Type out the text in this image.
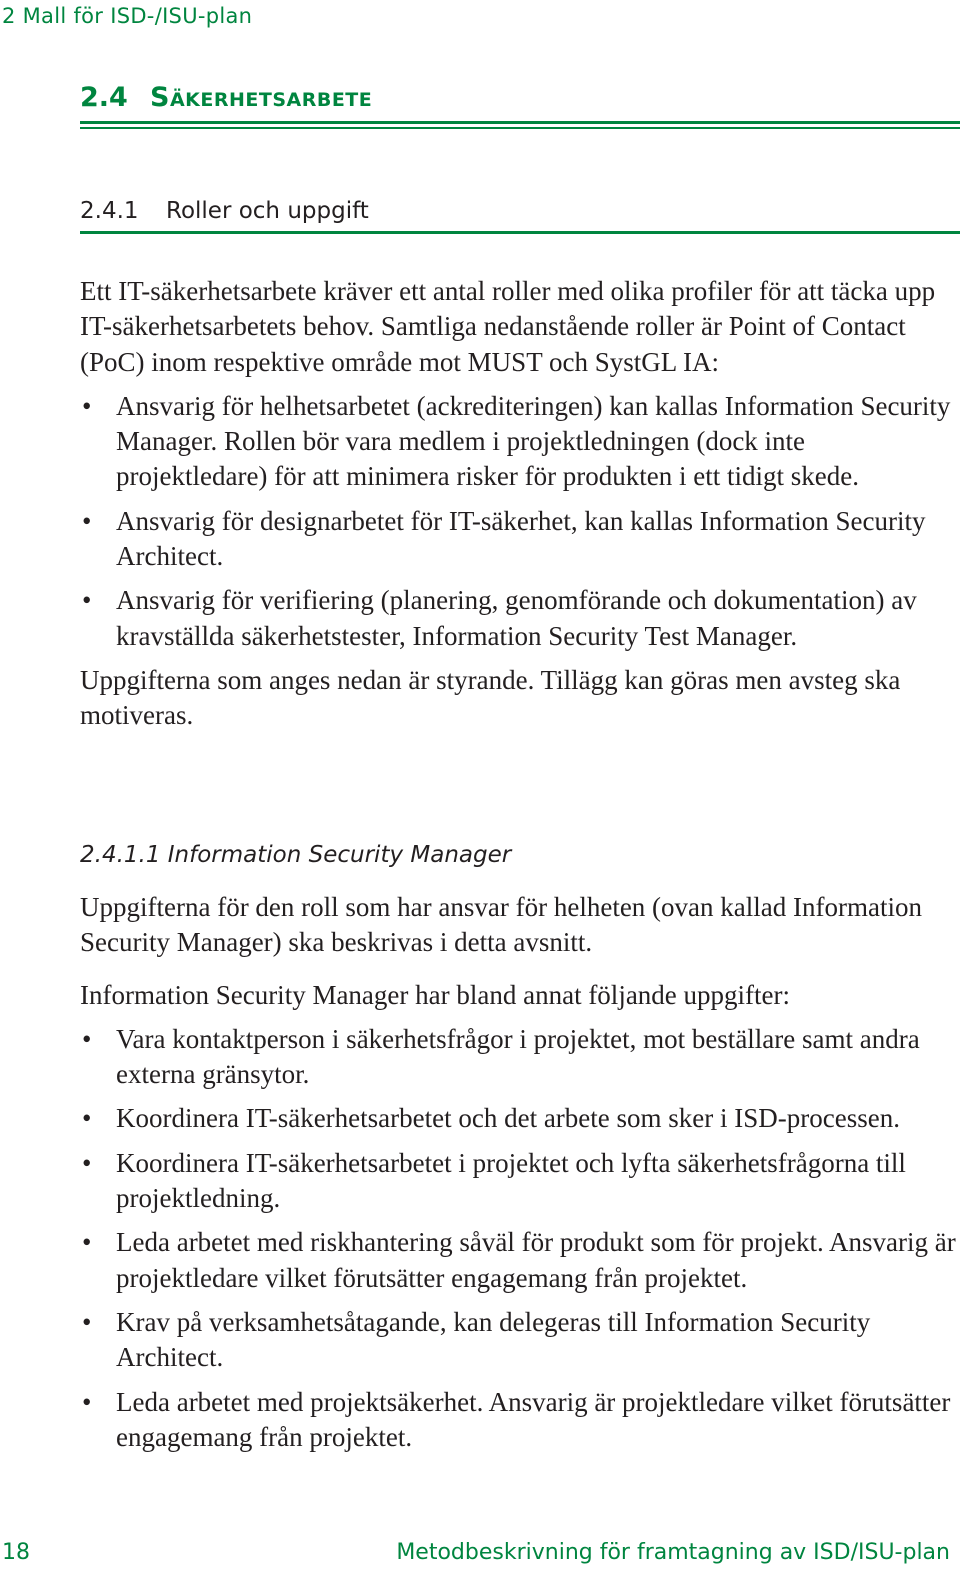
2 Mall för ISD-/ISU-plan
2.4 Säkerhetsarbete
2.4.1 Roller och uppgift

Ett IT-säkerhetsarbete kräver ett antal roller med olika profiler för att täcka upp IT-säkerhetsarbetets behov. Samtliga nedanstående roller är Point of Contact (PoC) inom respektive område mot MUST och SystGL IA:

• Ansvarig för helhetsarbetet (ackrediteringen) kan kallas Information Security Manager. Rollen bör vara medlem i projektledningen (dock inte projektledare) för att minimera risker för produkten i ett tidigt skede.
• Ansvarig för designarbetet för IT-säkerhet, kan kallas Information Security Architect.
• Ansvarig för verifiering (planering, genomförande och dokumentation) av kravställda säkerhetstester, Information Security Test Manager.

Uppgifterna som anges nedan är styrande. Tillägg kan göras men avsteg ska motiveras.

2.4.1.1 Information Security Manager

Uppgifterna för den roll som har ansvar för helheten (ovan kallad Information Security Manager) ska beskrivas i detta avsnitt.

Information Security Manager har bland annat följande uppgifter:

• Vara kontaktperson i säkerhetsfrågor i projektet, mot beställare samt andra externa gränsytor.
• Koordinera IT-säkerhetsarbetet och det arbete som sker i ISD-processen.
• Koordinera IT-säkerhetsarbetet i projektet och lyfta säkerhetsfrågorna till projektledning.
• Leda arbetet med riskhantering såväl för produkt som för projekt. Ansvarig är projektledare vilket förutsätter engagemang från projektet.
• Krav på verksamhetsåtagande, kan delegeras till Information Security Architect.
• Leda arbetet med projektsäkerhet. Ansvarig är projektledare vilket förutsätter engagemang från projektet.
18	Metodbeskrivning för framtagning av ISD/ISU-plan
